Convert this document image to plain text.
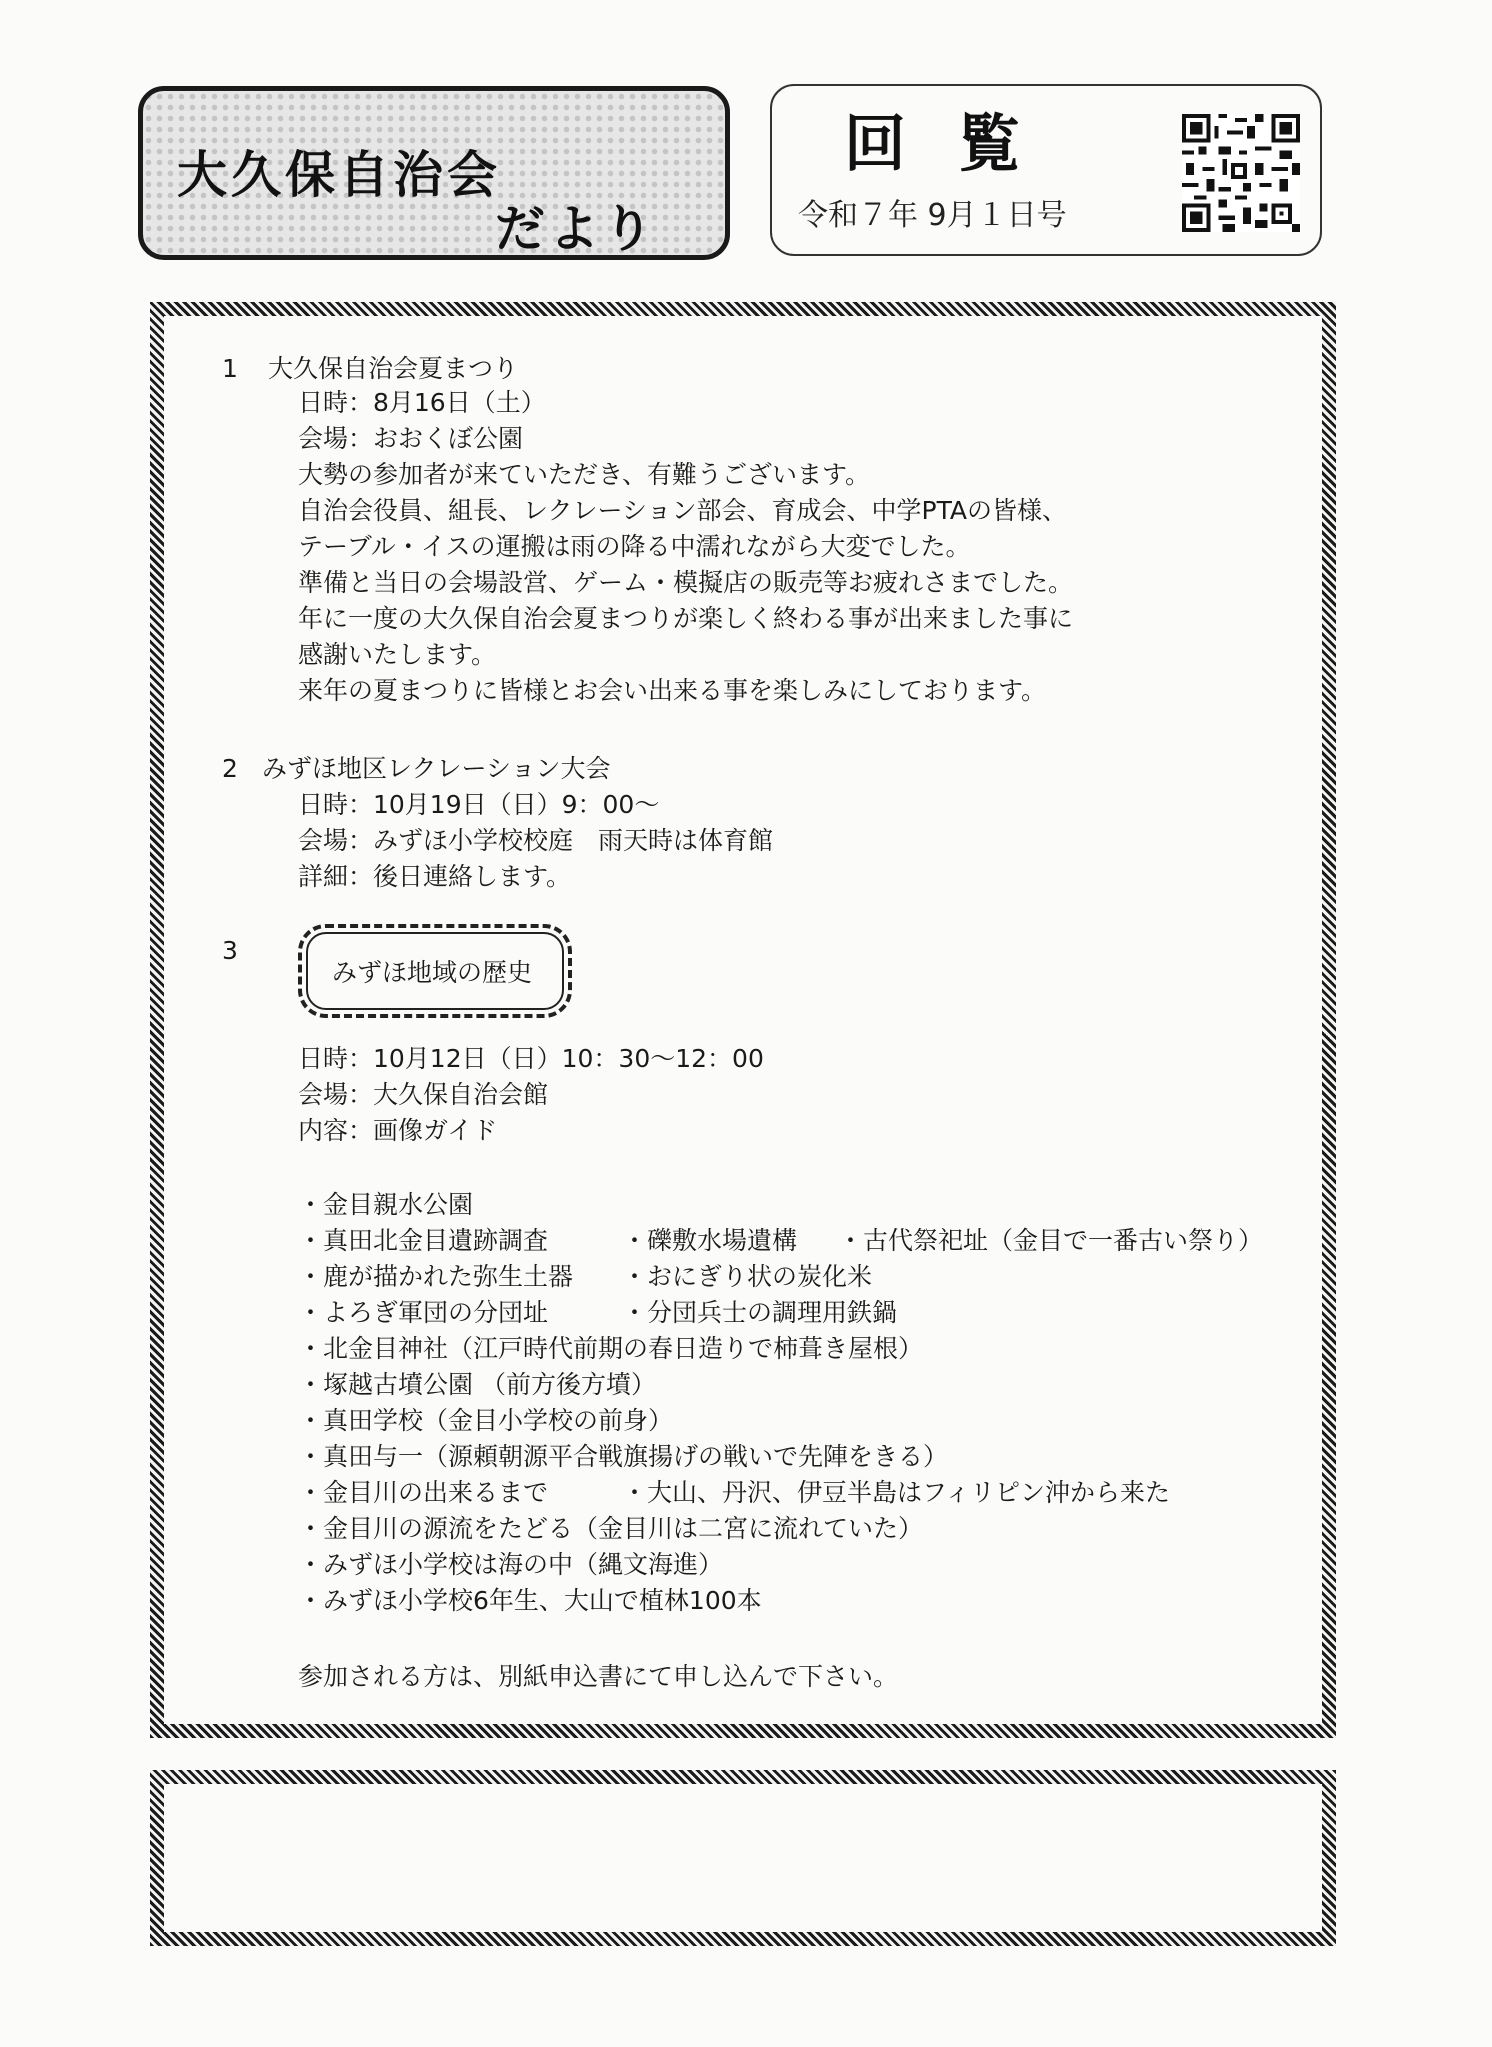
大久保自治会
だより
回覧
令和７年 9月１日号
1 大久保自治会夏まつり
日時：8月16日（土）
会場：おおくぼ公園
大勢の参加者が来ていただき、有難うございます。
自治会役員、組長、レクレーション部会、育成会、中学PTAの皆様、
テーブル・イスの運搬は雨の降る中濡れながら大変でした。
準備と当日の会場設営、ゲーム・模擬店の販売等お疲れさまでした。
年に一度の大久保自治会夏まつりが楽しく終わる事が出来ました事に
感謝いたします。
来年の夏まつりに皆様とお会い出来る事を楽しみにしております。
2 みずほ地区レクレーション大会
日時：10月19日（日）9：00～
会場：みずほ小学校校庭　雨天時は体育館
詳細：後日連絡します。
3
みずほ地域の歴史
日時：10月12日（日）10：30～12：00
会場：大久保自治会館
内容：画像ガイド
・金目親水公園
・真田北金目遺跡調査	・礫敷水場遺構 ・古代祭祀址（金目で一番古い祭り）
・鹿が描かれた弥生土器 ・おにぎり状の炭化米
・よろぎ軍団の分団址	・分団兵士の調理用鉄鍋
・北金目神社（江戸時代前期の春日造りで柿葺き屋根）
・塚越古墳公園 （前方後方墳）
・真田学校（金目小学校の前身）
・真田与一（源頼朝源平合戦旗揚げの戦いで先陣をきる）
・金目川の出来るまで	・大山、丹沢、伊豆半島はフィリピン沖から来た
・金目川の源流をたどる（金目川は二宮に流れていた）
・みずほ小学校は海の中（縄文海進）
・みずほ小学校6年生、大山で植林100本
参加される方は、別紙申込書にて申し込んで下さい。
